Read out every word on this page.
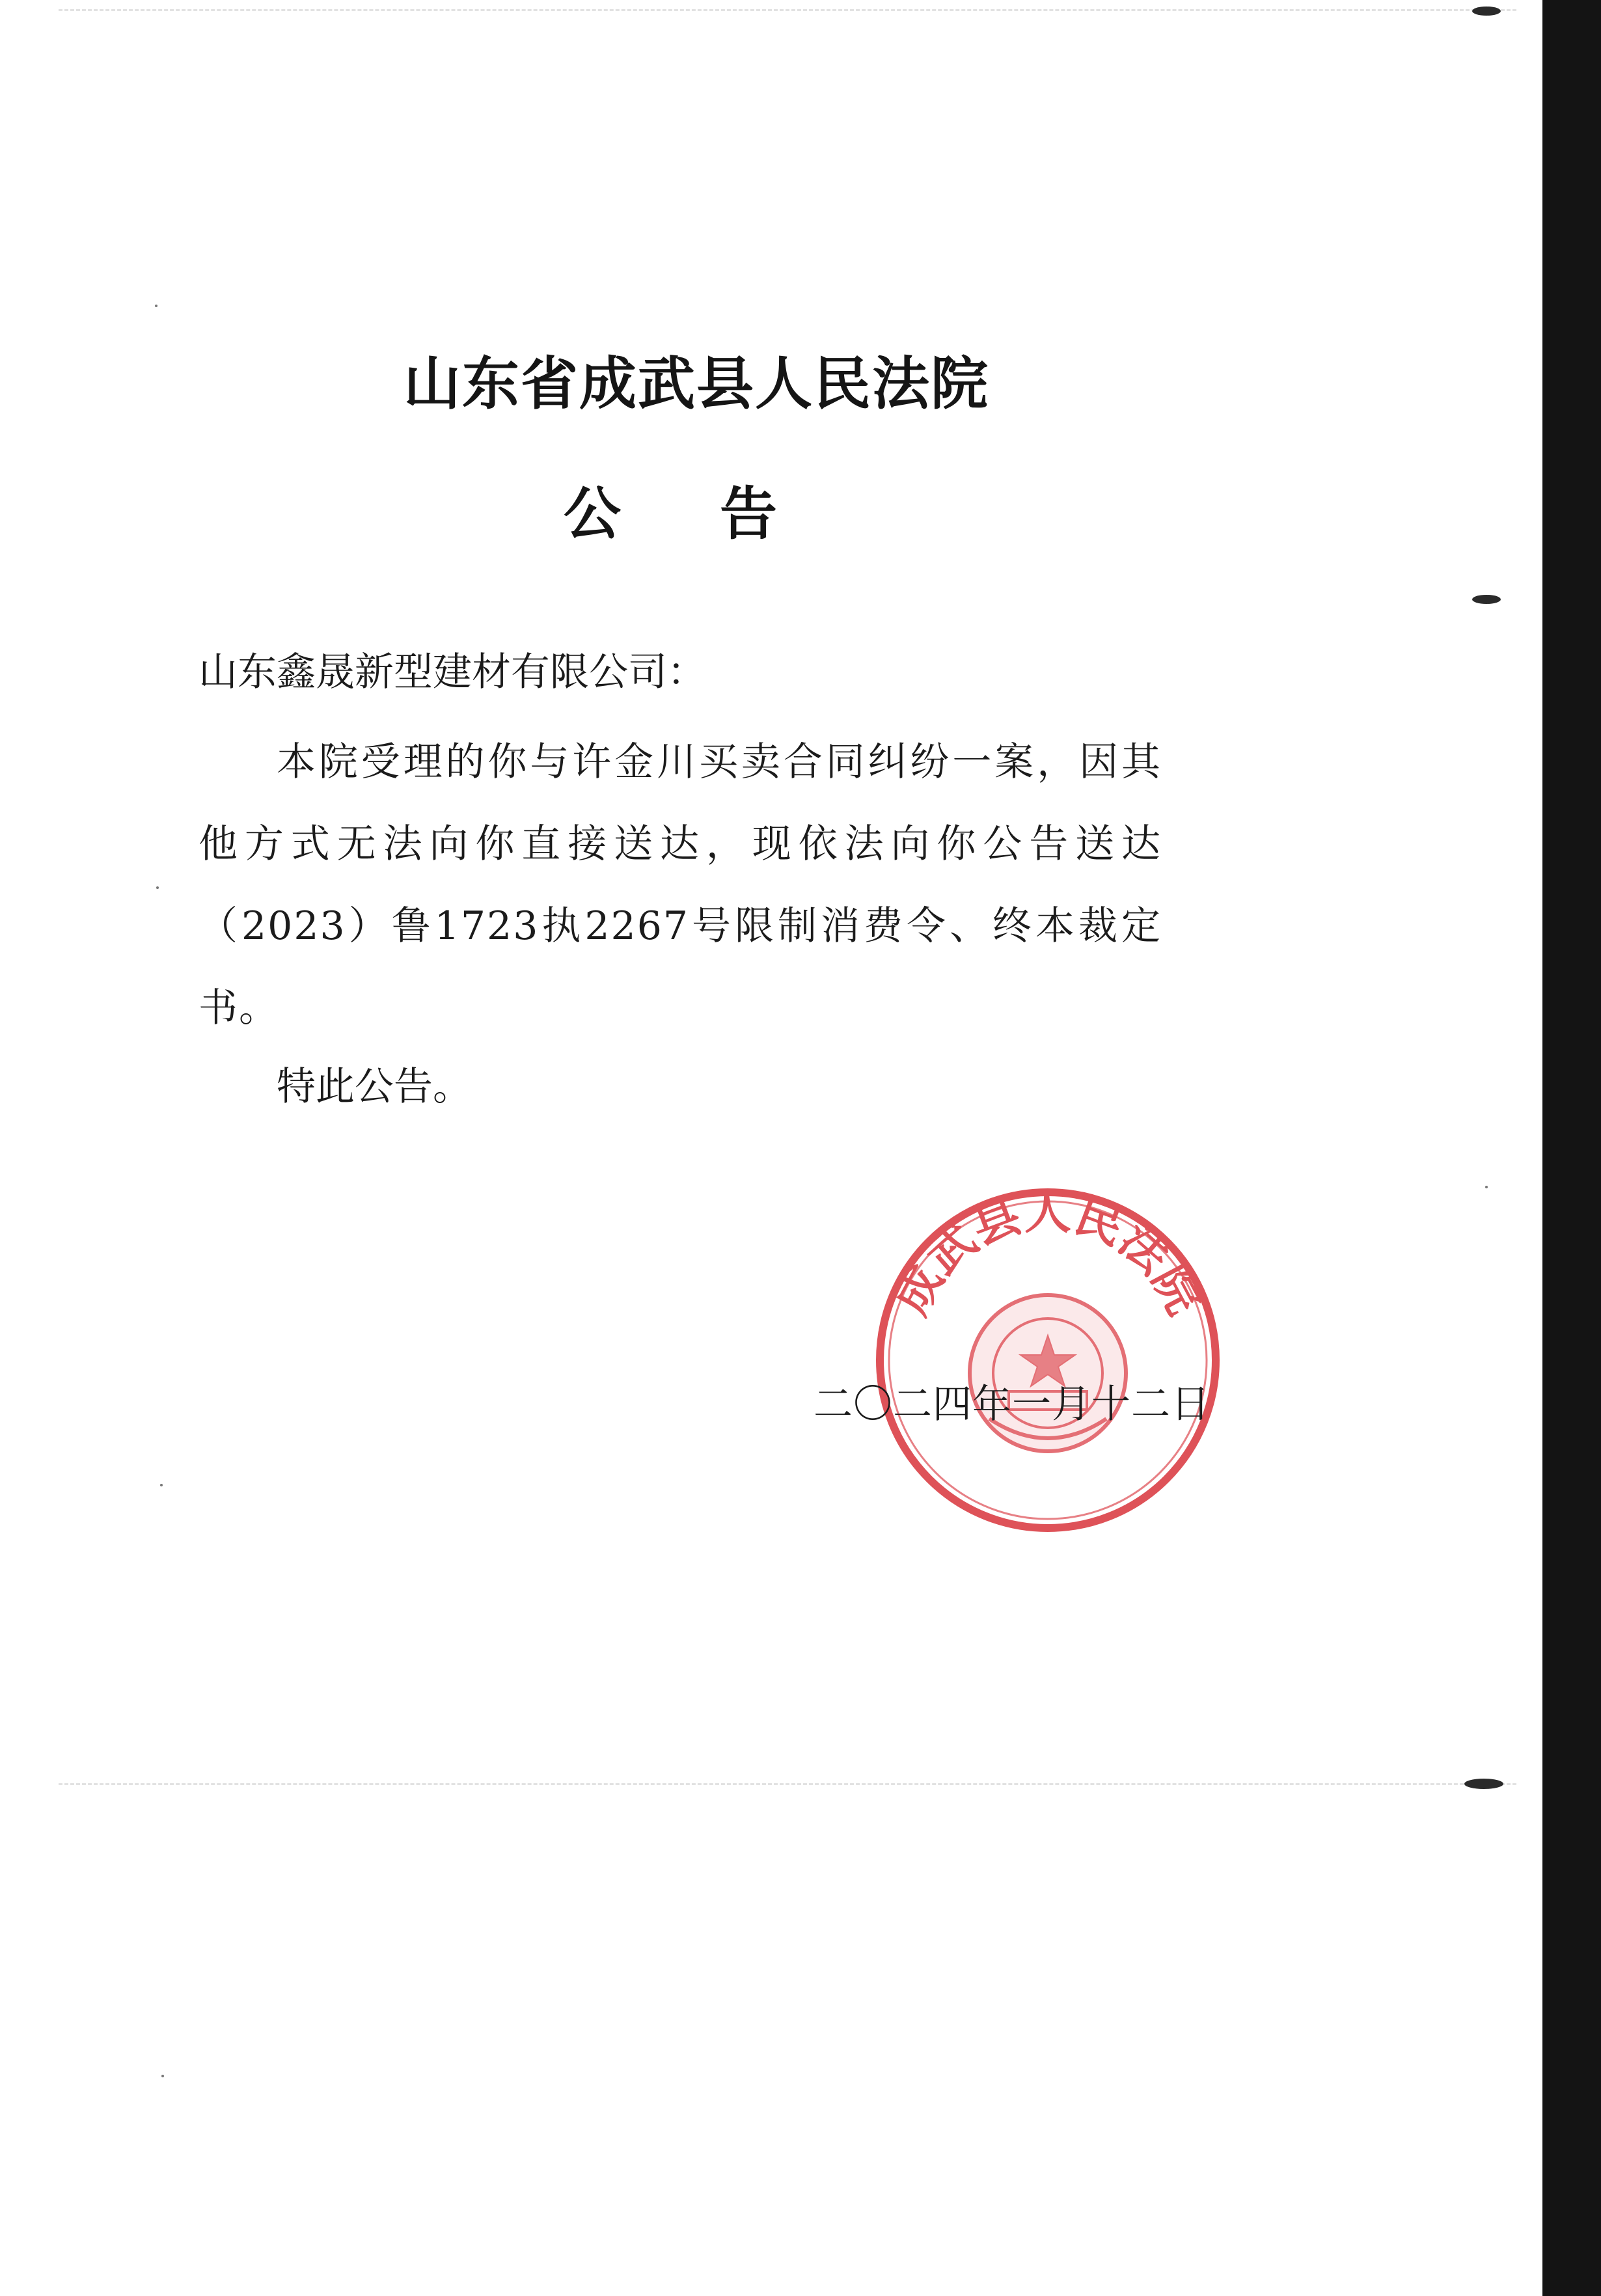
山东省成武县人民法院
公 告

山东鑫晟新型建材有限公司：

本院受理的你与许金川买卖合同纠纷一案，因其他方式无法向你直接送达，现依法向你公告送达（2023）鲁1723执2267号限制消费令、终本裁定书。

特此公告。

成武县人民法院

二〇二四年一月十二日
